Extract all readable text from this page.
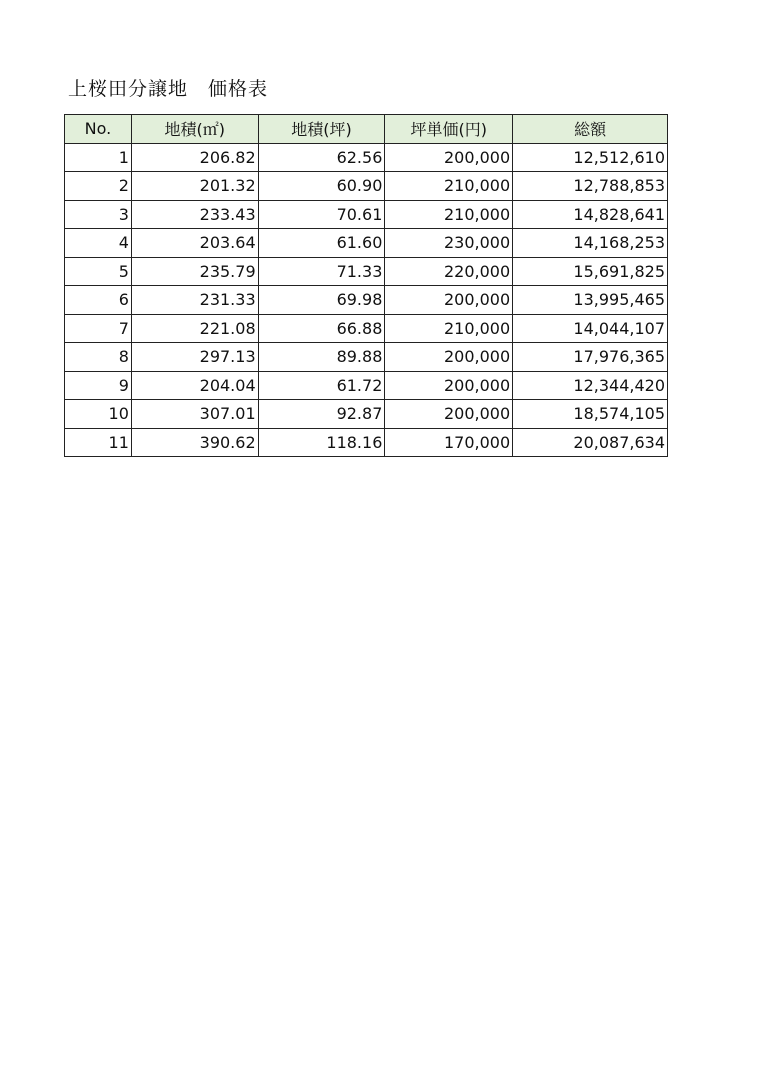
上桜田分譲地　価格表
No.	地積(㎡)	地積(坪)	坪単価(円)	総額
1	206.82	62.56	200,000	12,512,610
2	201.32	60.90	210,000	12,788,853
3	233.43	70.61	210,000	14,828,641
4	203.64	61.60	230,000	14,168,253
5	235.79	71.33	220,000	15,691,825
6	231.33	69.98	200,000	13,995,465
7	221.08	66.88	210,000	14,044,107
8	297.13	89.88	200,000	17,976,365
9	204.04	61.72	200,000	12,344,420
10	307.01	92.87	200,000	18,574,105
11	390.62	118.16	170,000	20,087,634
